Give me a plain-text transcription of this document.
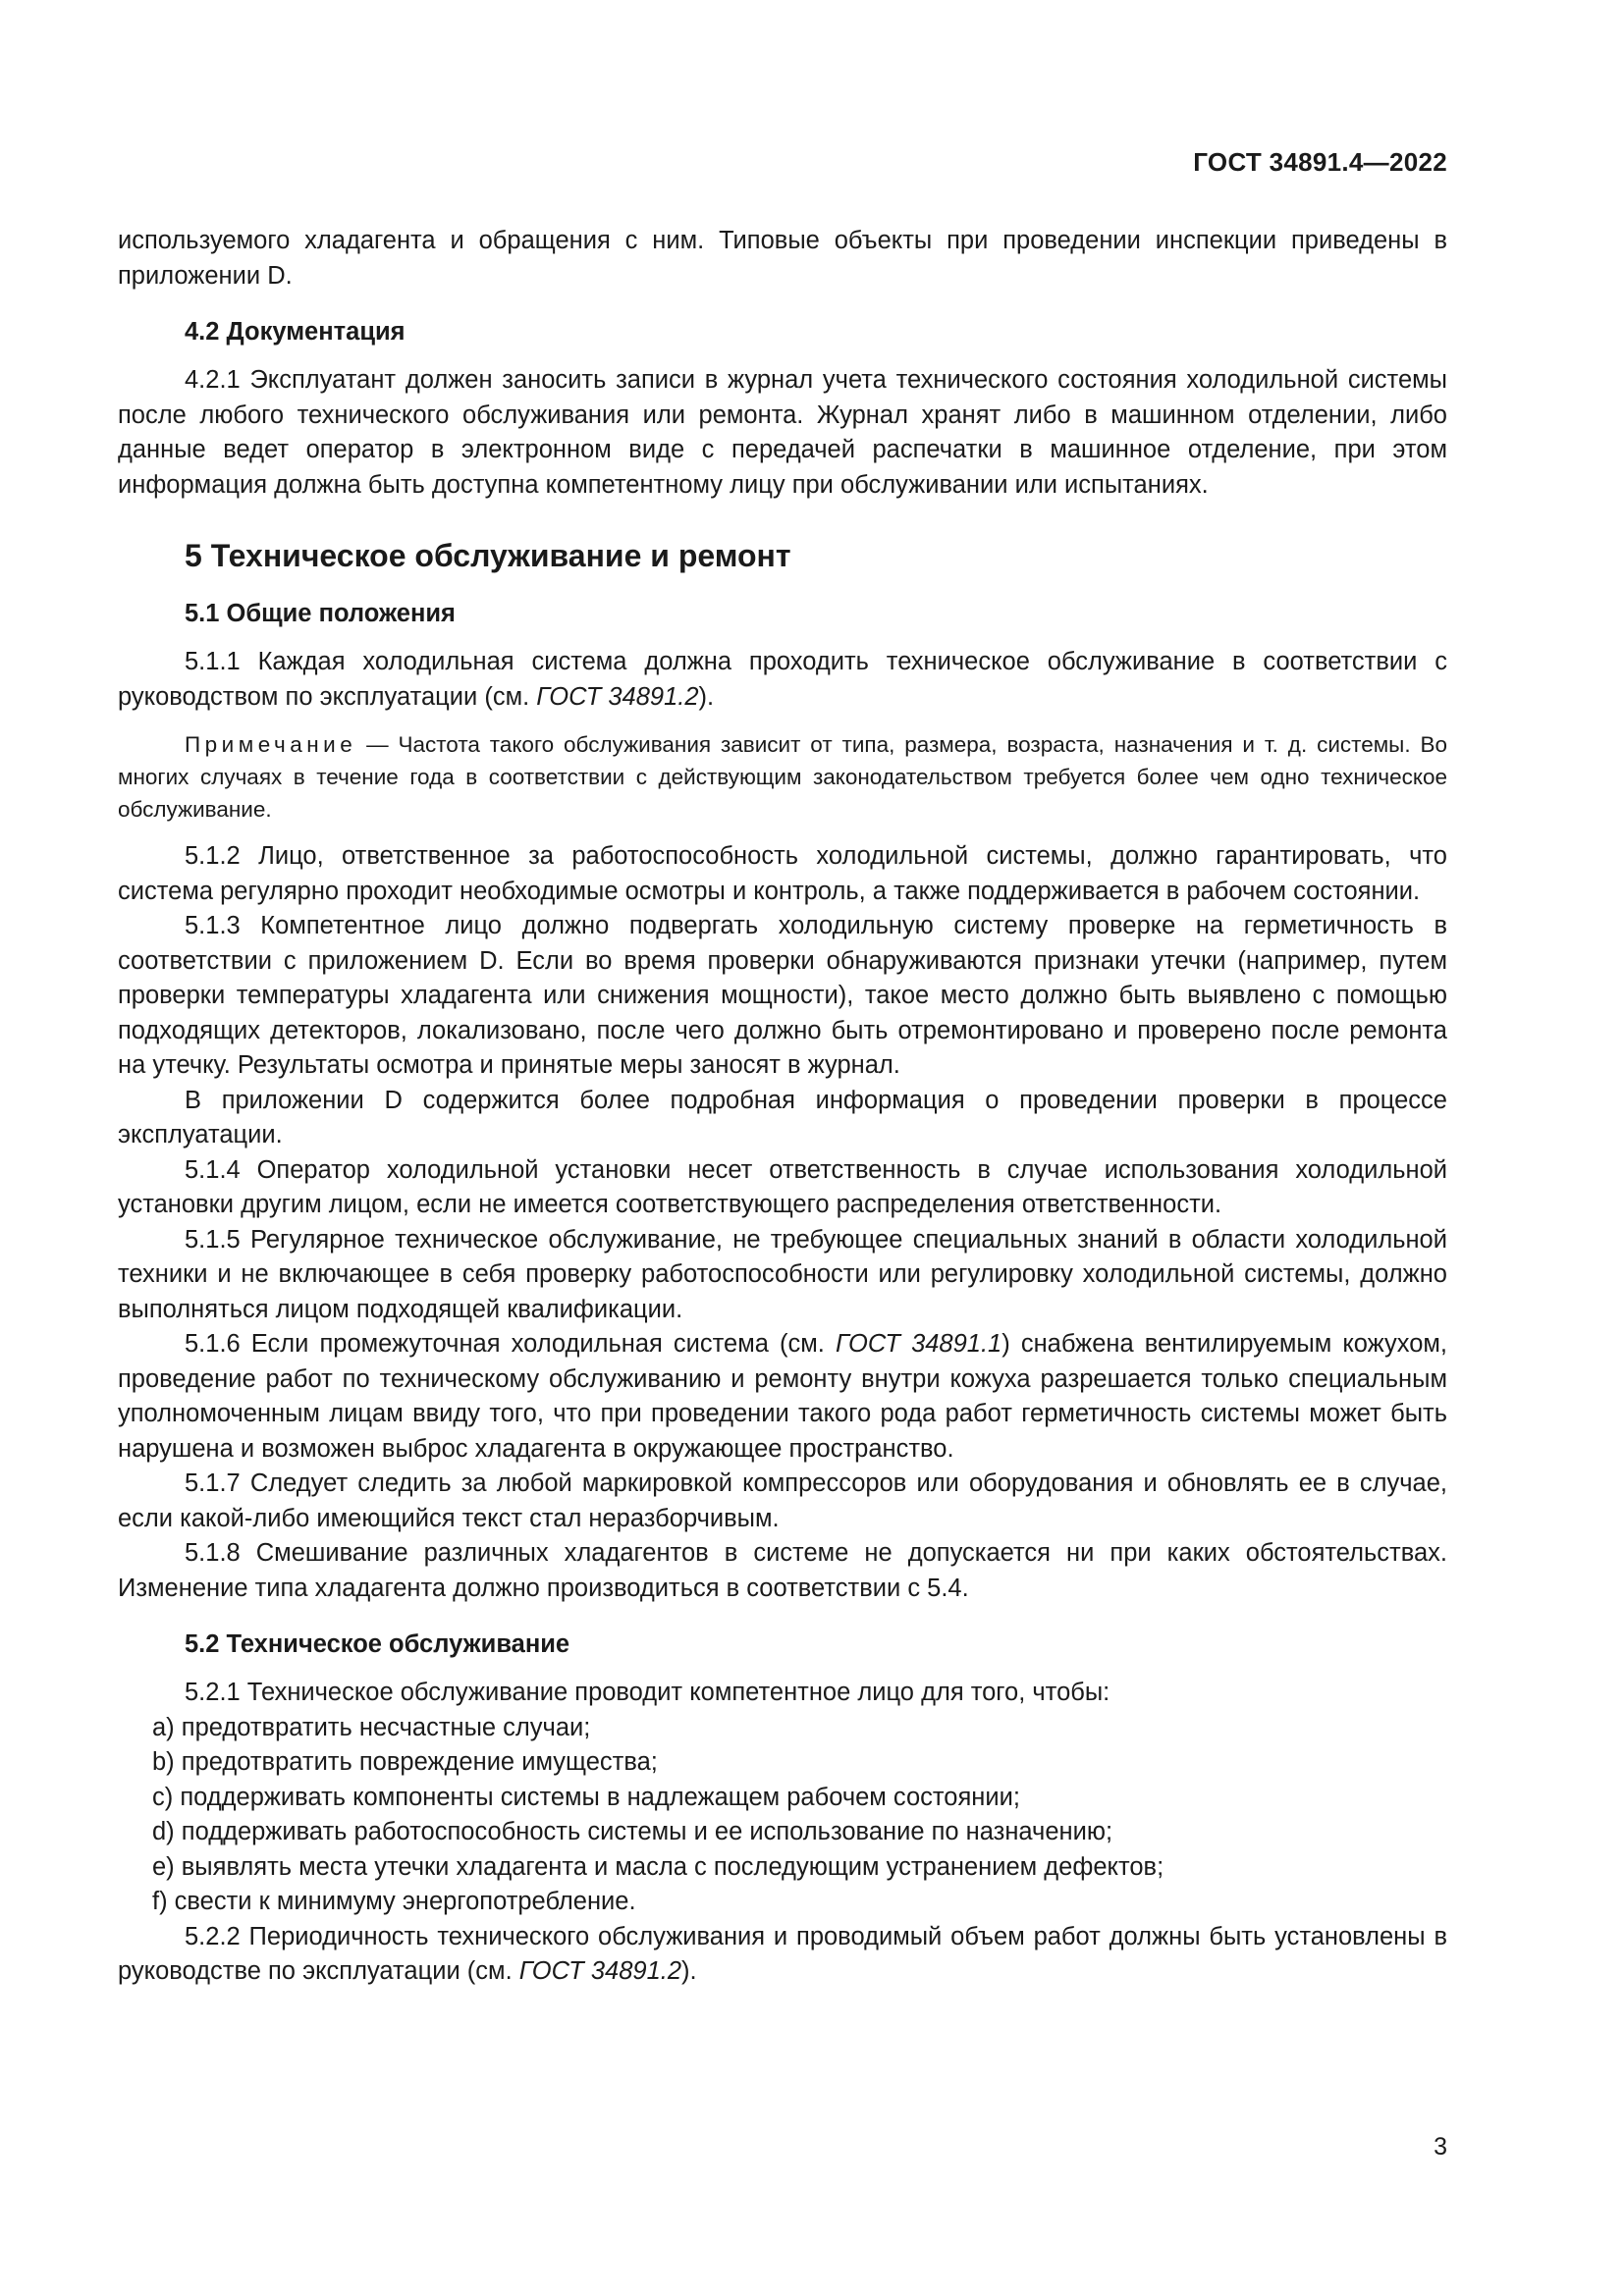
ГОСТ 34891.4—2022

используемого хладагента и обращения с ним. Типовые объекты при проведении инспекции приведены в приложении D.

4.2 Документация

4.2.1 Эксплуатант должен заносить записи в журнал учета технического состояния холодильной системы после любого технического обслуживания или ремонта. Журнал хранят либо в машинном отделении, либо данные ведет оператор в электронном виде с передачей распечатки в машинное отделение, при этом информация должна быть доступна компетентному лицу при обслуживании или испытаниях.

5 Техническое обслуживание и ремонт
5.1 Общие положения

5.1.1 Каждая холодильная система должна проходить техническое обслуживание в соответствии с руководством по эксплуатации (см. ГОСТ 34891.2).

Примечание — Частота такого обслуживания зависит от типа, размера, возраста, назначения и т. д. системы. Во многих случаях в течение года в соответствии с действующим законодательством требуется более чем одно техническое обслуживание.

5.1.2 Лицо, ответственное за работоспособность холодильной системы, должно гарантировать, что система регулярно проходит необходимые осмотры и контроль, а также поддерживается в рабочем состоянии.

5.1.3 Компетентное лицо должно подвергать холодильную систему проверке на герметичность в соответствии с приложением D. Если во время проверки обнаруживаются признаки утечки (например, путем проверки температуры хладагента или снижения мощности), такое место должно быть выявлено с помощью подходящих детекторов, локализовано, после чего должно быть отремонтировано и проверено после ремонта на утечку. Результаты осмотра и принятые меры заносят в журнал.

В приложении D содержится более подробная информация о проведении проверки в процессе эксплуатации.

5.1.4 Оператор холодильной установки несет ответственность в случае использования холодильной установки другим лицом, если не имеется соответствующего распределения ответственности.

5.1.5 Регулярное техническое обслуживание, не требующее специальных знаний в области холодильной техники и не включающее в себя проверку работоспособности или регулировку холодильной системы, должно выполняться лицом подходящей квалификации.

5.1.6 Если промежуточная холодильная система (см. ГОСТ 34891.1) снабжена вентилируемым кожухом, проведение работ по техническому обслуживанию и ремонту внутри кожуха разрешается только специальным уполномоченным лицам ввиду того, что при проведении такого рода работ герметичность системы может быть нарушена и возможен выброс хладагента в окружающее пространство.

5.1.7 Следует следить за любой маркировкой компрессоров или оборудования и обновлять ее в случае, если какой-либо имеющийся текст стал неразборчивым.

5.1.8 Смешивание различных хладагентов в системе не допускается ни при каких обстоятельствах. Изменение типа хладагента должно производиться в соответствии с 5.4.

5.2 Техническое обслуживание

5.2.1 Техническое обслуживание проводит компетентное лицо для того, чтобы:

a) предотвратить несчастные случаи;

b) предотвратить повреждение имущества;

c) поддерживать компоненты системы в надлежащем рабочем состоянии;

d) поддерживать работоспособность системы и ее использование по назначению;

e) выявлять места утечки хладагента и масла с последующим устранением дефектов;

f) свести к минимуму энергопотребление.

5.2.2 Периодичность технического обслуживания и проводимый объем работ должны быть установлены в руководстве по эксплуатации (см. ГОСТ 34891.2).

3
